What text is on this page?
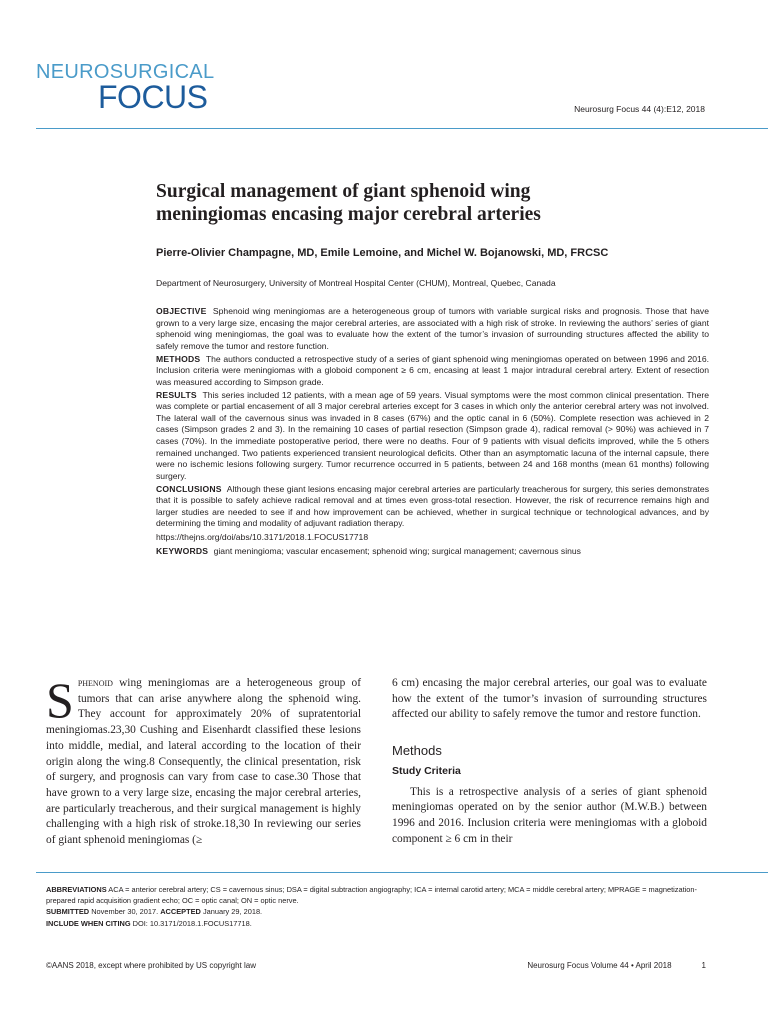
NEUROSURGICAL
FOCUS	Neurosurg Focus 44 (4):E12, 2018
Surgical management of giant sphenoid wing meningiomas encasing major cerebral arteries
Pierre-Olivier Champagne, MD, Emile Lemoine, and Michel W. Bojanowski, MD, FRCSC
Department of Neurosurgery, University of Montreal Hospital Center (CHUM), Montreal, Quebec, Canada

OBJECTIVE Sphenoid wing meningiomas are a heterogeneous group of tumors with variable surgical risks and prognosis. Those that have grown to a very large size, encasing the major cerebral arteries, are associated with a high risk of stroke. In reviewing the authors’ series of giant sphenoid wing meningiomas, the goal was to evaluate how the extent of the tumor’s invasion of surrounding structures affected the ability to safely remove the tumor and restore function.

METHODS The authors conducted a retrospective study of a series of giant sphenoid wing meningiomas operated on between 1996 and 2016. Inclusion criteria were meningiomas with a globoid component ≥ 6 cm, encasing at least 1 major intradural cerebral artery. Extent of resection was measured according to Simpson grade.

RESULTS This series included 12 patients, with a mean age of 59 years. Visual symptoms were the most common clinical presentation. There was complete or partial encasement of all 3 major cerebral arteries except for 3 cases in which only the anterior cerebral artery was not involved. The lateral wall of the cavernous sinus was invaded in 8 cases (67%) and the optic canal in 6 (50%). Complete resection was achieved in 2 cases (Simpson grades 2 and 3). In the remaining 10 cases of partial resection (Simpson grade 4), radical removal (> 90%) was achieved in 7 cases (70%). In the immediate postoperative period, there were no deaths. Four of 9 patients with visual deficits improved, while the 5 others remained unchanged. Two patients experienced transient neurological deficits. Other than an asymptomatic lacuna of the internal capsule, there were no ischemic lesions following surgery. Tumor recurrence occurred in 5 patients, between 24 and 168 months (mean 61 months) following surgery.

CONCLUSIONS Although these giant lesions encasing major cerebral arteries are particularly treacherous for surgery, this series demonstrates that it is possible to safely achieve radical removal and at times even gross-total resection. However, the risk of recurrence remains high and larger studies are needed to see if and how improvement can be achieved, whether in surgical technique or technological advances, and by determining the timing and modality of adjuvant radiation therapy.

https://thejns.org/doi/abs/10.3171/2018.1.FOCUS17718

KEYWORDS giant meningioma; vascular encasement; sphenoid wing; surgical management; cavernous sinus

Sphenoid wing meningiomas are a heterogeneous group of tumors that can arise anywhere along the sphenoid wing. They account for approximately 20% of supratentorial meningiomas.23,30 Cushing and Eisenhardt classified these lesions into middle, medial, and lateral according to the location of their origin along the wing.8 Consequently, the clinical presentation, risk of surgery, and prognosis can vary from case to case.30 Those that have grown to a very large size, encasing the major cerebral arteries, are particularly treacherous, and their surgical management is highly challenging with a high risk of stroke.18,30 In reviewing our series of giant sphenoid meningiomas (≥

6 cm) encasing the major cerebral arteries, our goal was to evaluate how the extent of the tumor’s invasion of surrounding structures affected our ability to safely remove the tumor and restore function.

Methods
Study Criteria

This is a retrospective analysis of a series of giant sphenoid meningiomas operated on by the senior author (M.W.B.) between 1996 and 2016. Inclusion criteria were meningiomas with a globoid component ≥ 6 cm in their

ABBREVIATIONS ACA = anterior cerebral artery; CS = cavernous sinus; DSA = digital subtraction angiography; ICA = internal carotid artery; MCA = middle cerebral artery; MPRAGE = magnetization-prepared rapid acquisition gradient echo; OC = optic canal; ON = optic nerve.

SUBMITTED November 30, 2017. ACCEPTED January 29, 2018.

INCLUDE WHEN CITING DOI: 10.3171/2018.1.FOCUS17718.

©AANS 2018, except where prohibited by US copyright law	Neurosurg Focus Volume 44 • April 2018	1
